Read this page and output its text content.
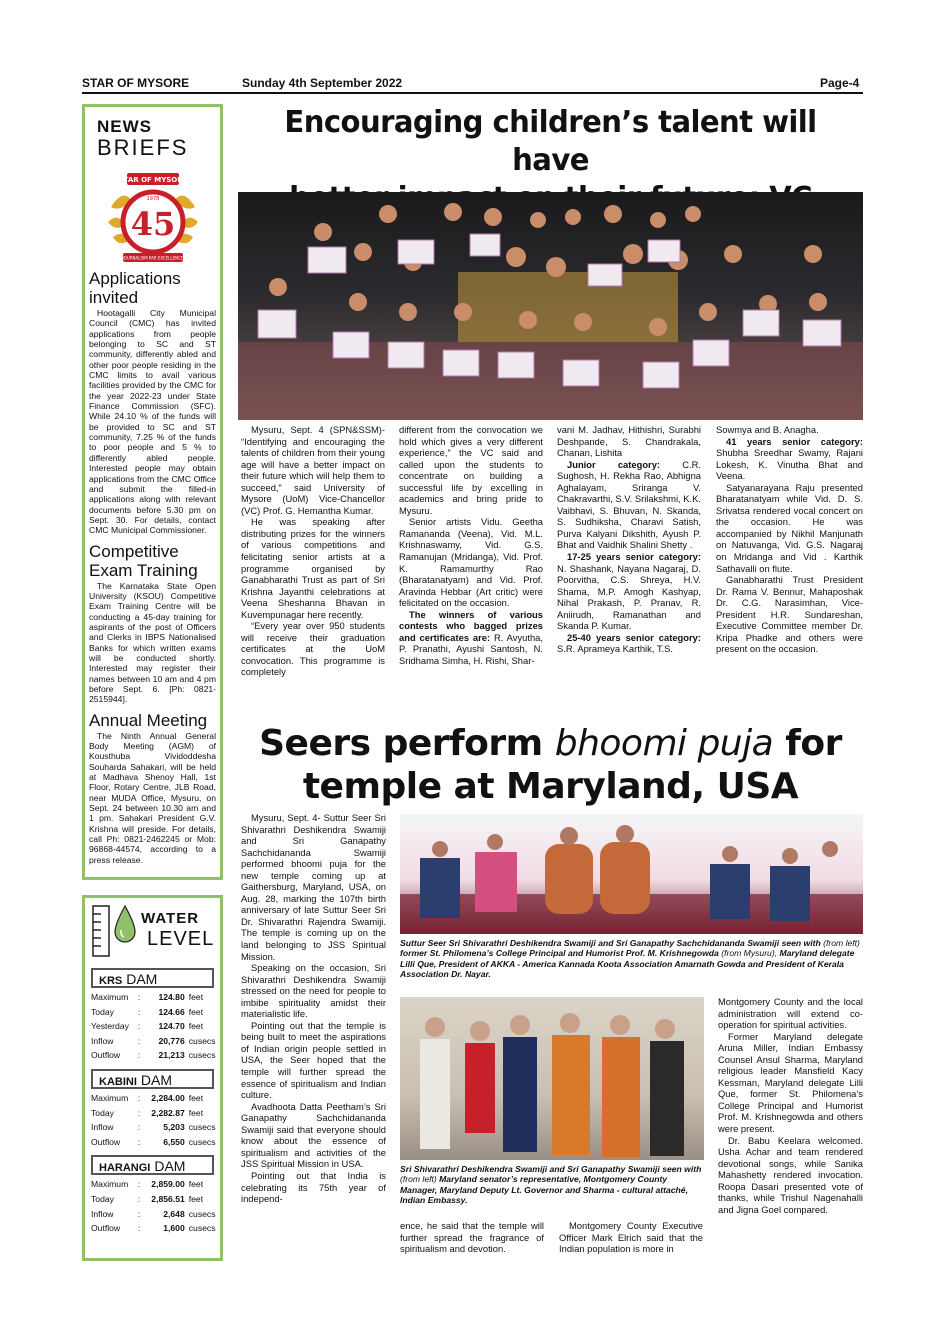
STAR OF MYSORE	Sunday 4th September 2022	Page-4
NEWS
BRIEFS
STAR OF MYSORE
1978
45
JOURNALISM PAR EXCELLENCE
Applications invited
Hootagalli City Municipal Council (CMC) has invited applications from people belonging to SC and ST community, differently abled and other poor people residing in the CMC limits to avail various facilities provided by the CMC for the year 2022-23 under State Finance Commission (SFC). While 24.10 % of the funds will be provided to SC and ST community, 7.25 % of the funds to poor people and 5 % to differently abled people. Interested people may obtain applications from the CMC Office and submit the filled-in applications along with relevant documents before 5.30 pm on Sept. 30. For details, contact CMC Municipal Commissioner.
Competitive Exam Training
The Karnataka State Open University (KSOU) Competitive Exam Training Centre will be conducting a 45-day training for aspirants of the post of Officers and Clerks in IBPS Nationalised Banks for which written exams will be conducted shortly. Interested may register their names between 10 am and 4 pm before Sept. 6. [Ph: 0821-2515944].
Annual Meeting
The Ninth Annual General Body Meeting (AGM) of Kousthuba Vividoddesha Souharda Sahakari, will be held at Madhava Shenoy Hall, 1st Floor, Rotary Centre, JLB Road, near MUDA Office, Mysuru, on Sept. 24 between 10.30 am and 1 pm. Sahakari President G.V. Krishna will preside. For details, call Ph: 0821-2462245 or Mob: 96868-44574, according to a press release.
WATER
LEVEL
KRS DAM
Maximum	:	124.80 feet
Today	:	124.66 feet
Yesterday	:	124.70 feet
Inflow	:	20,776 cusecs
Outflow	:	21,213 cusecs
KABINI DAM
Maximum	:	2,284.00 feet
Today	:	2,282.87 feet
Inflow	:	5,203 cusecs
Outflow	:	6,550 cusecs
HARANGI DAM
Maximum	:	2,859.00 feet
Today	:	2,856.51 feet
Inflow	:	2,648 cusecs
Outflow	:	1,600 cusecs
Encouraging children’s talent will have

Mysuru, Sept. 4 (SPN&SSM)- “Identifying and encouraging the talents of children from their young age will have a better impact on their future which will help them to succeed,” said University of Mysore (UoM) Vice-Chancellor (VC) Prof. G. Hemantha Kumar.

He was speaking after distributing prizes for the winners of various competitions and felicitating senior artists at a programme organised by Ganabharathi Trust as part of Sri Krishna Jayanthi celebrations at Veena Sheshanna Bhavan in Kuvempunagar here recently.

“Every year over 950 students will receive their graduation certificates at the UoM convocation. This programme is completely

different from the convocation we hold which gives a very different experience,” the VC said and called upon the students to concentrate on building a successful life by excelling in academics and bring pride to Mysuru.

Senior artists Vidu. Geetha Ramananda (Veena), Vid. M.L. Krishnaswamy, Vid. G.S. Ramanujan (Mridanga), Vid. Prof. K. Ramamurthy Rao (Bharatanatyam) and Vid. Prof. Aravinda Hebbar (Art critic) were felicitated on the occasion.

The winners of various contests who bagged prizes and certificates are: R. Avyutha, P. Pranathi, Ayushi Santosh, N. Sridhama Simha, H. Rishi, Shar-

vani M. Jadhav, Hithishri, Surabhi Deshpande, S. Chandrakala, Chanan, Lishita

Junior category: C.R. Sughosh, H. Rekha Rao, Abhigna Aghalayam, Sriranga V. Chakravarthi, S.V. Srilakshmi, K.K. Vaibhavi, S. Bhuvan, N. Skanda, S. Sudhiksha, Charavi Satish, Purva Kalyani Dikshith, Ayush P. Bhat and Vaidhik Shalini Shetty .

17-25 years senior category: N. Shashank, Nayana Nagaraj, D. Poorvitha, C.S. Shreya, H.V. Shama, M.P. Amogh Kashyap, Nihal Prakash, P. Pranav, R. Aniirudh, Ramanathan and Skanda P. Kumar.

25-40 years senior category: S.R. Aprameya Karthik, T.S.

Sowmya and B. Anagha.

41 years senior category: Shubha Sreedhar Swamy, Rajani Lokesh, K. Vinutha Bhat and Veena.

Satyanarayana Raju presented Bharatanatyam while Vid. D. S. Srivatsa rendered vocal concert on the occasion. He was accompanied by Nikhil Manjunath on Natuvanga, Vid. G.S. Nagaraj on Mridanga and Vid . Karthik Sathavalli on flute.

Ganabharathi Trust President Dr. Rama V. Bennur, Mahaposhak Dr. C.G. Narasimhan, Vice-President H.R. Sundareshan, Executive Committee member Dr. Kripa Phadke and others were present on the occasion.

Seers perform bhoomi puja for
temple at Maryland, USA

Mysuru, Sept. 4- Suttur Seer Sri Shivarathri Deshikendra Swamiji and Sri Ganapathy Sachchidananda Swamiji performed bhoomi puja for the new temple coming up at Gaithersburg, Maryland, USA, on Aug. 28, marking the 107th birth anniversary of late Suttur Seer Sri Dr. Shivarathri Rajendra Swamiji. The temple is coming up on the land belonging to JSS Spiritual Mission.

Speaking on the occasion, Sri Shivarathri Deshikendra Swamiji stressed on the need for people to imbibe spirituality amidst their materialistic life.

Pointing out that the temple is being built to meet the aspirations of Indian origin people settled in USA, the Seer hoped that the temple will further spread the essence of spiritualism and Indian culture.

Avadhoota Datta Peetham’s Sri Ganapathy Sachchidananda Swamiji said that everyone should know about the essence of spiritualism and activities of the JSS Spiritual Mission in USA.

Pointing out that India is celebrating its 75th year of independ-

Suttur Seer Sri Shivarathri Deshikendra Swamiji and Sri Ganapathy Sachchidananda Swamiji seen with (from left) former St. Philomena’s College Principal and Humorist Prof. M. Krishnegowda (from Mysuru), Maryland delegate Lilli Que, President of AKKA - America Kannada Koota Association Amarnath Gowda and President of Kerala Association Dr. Nayar.
Sri Shivarathri Deshikendra Swamiji and Sri Ganapathy Swamiji seen with (from left) Maryland senator’s representative, Montgomery County Manager, Maryland Deputy Lt. Governor and Sharma - cultural attaché, Indian Embassy.

ence, he said that the temple will further spread the fragrance of spiritualism and devotion.

Montgomery County Executive Officer Mark Elrich said that the Indian population is more in

Montgomery County and the local administration will extend co-operation for spiritual activities.

Former Maryland delegate Aruna Miller, Indian Embassy Counsel Ansul Sharma, Maryland religious leader Mansfield Kacy Kessman, Maryland delegate Lilli Que, former St. Philomena’s College Principal and Humorist Prof. M. Krishnegowda and others were present.

Dr. Babu Keelara welcomed. Usha Achar and team rendered devotional songs, while Sanika Mahashetty rendered invocation. Roopa Dasari presented vote of thanks, while Trishul Nagenahalli and Jigna Goel compared.
